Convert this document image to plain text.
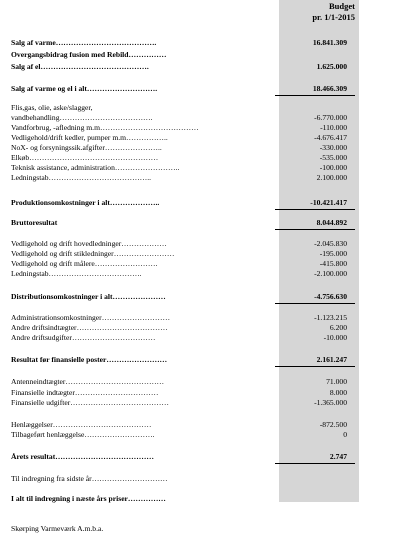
Budget
pr. 1/1-2015
Salg af varme………………………………….	16.841.309
Overgangsbidrag fusion med Rebild……………
Salg af el…………………………………….	1.625.000
Salg af varme og el i alt……………………….	18.466.309
Flis,gas, olie, aske/slagger,
vandbehandling……………………………….	-6.770.000
Vandforbrug, -afledning m.m…………………………………	-110.000
Vedligehold/drift kedler, pumper m.m……………..	-4.676.417
NoX- og forsyningssik.afgifter…………………..	-330.000
Elkøb……………………………………………	-535.000
Teknisk assistance, administration……………………..	-100.000
Ledningstab…………………………………..	2.100.000
Produktionsomkostninger i alt………………..	-10.421.417
Bruttoresultat	8.044.892
Vedligehold og drift hovedledninger………………	-2.045.830
Vedligehold og drift stikledninger……………………	-195.000
Vedligehold og drift målere…………………….	-415.800
Ledningstab……………………………….	-2.100.000
Distributionsomkostninger i alt…………………	-4.756.630
Administrationsomkostninger………………………	-1.123.215
Andre driftsindtægter………………………………	6.200
Andre driftsudgifter……………………………	-10.000
Resultat før finansielle poster……………………	2.161.247
Antenneindtægter…………………………………	71.000
Finansielle indtægter……………………………	8.000
Finansielle udgifter…………………………………	-1.365.000
Henlæggelser…………………………………	-872.500
Tilbageført henlæggelse……………………….	0
Årets resultat…………………………………	2.747
Til indregning fra sidste år…………………………
I alt til indregning i næste års priser……………
Skørping Varmeværk A.m.b.a.
